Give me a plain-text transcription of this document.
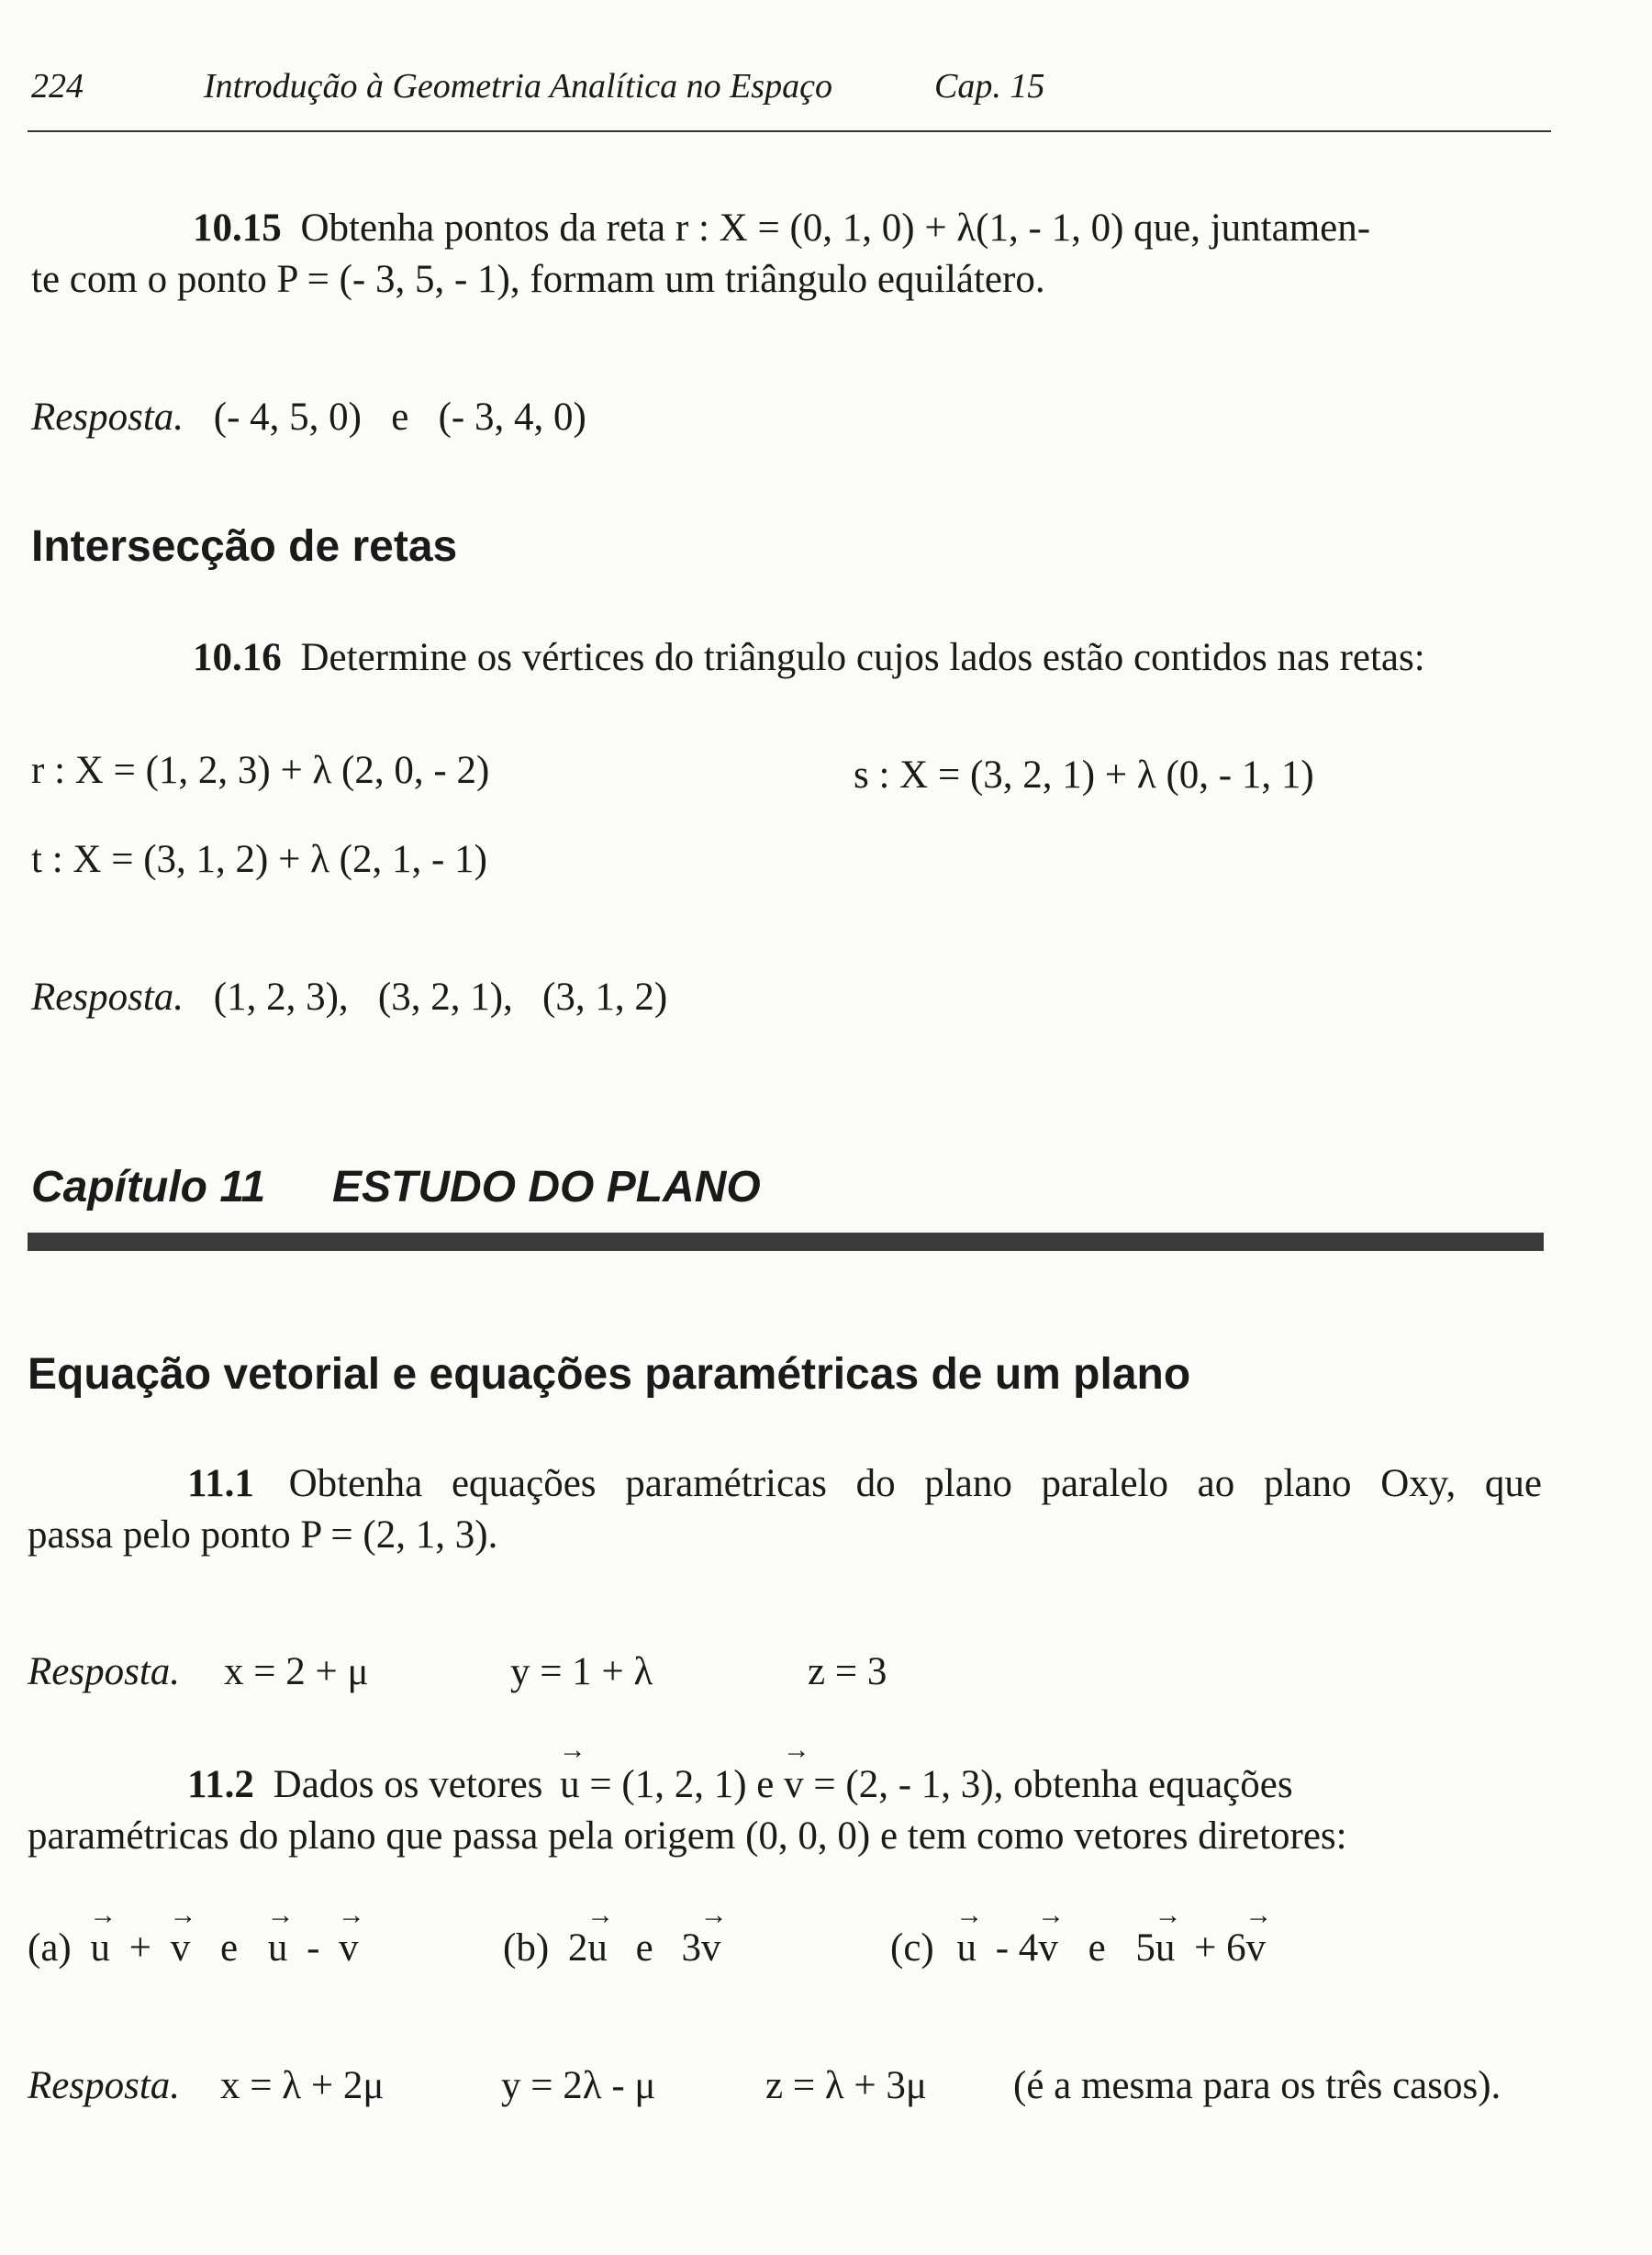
224	Introdução à Geometria Analítica no Espaço	Cap. 15
10.15 Obtenha pontos da reta r : X = (0, 1, 0) + λ(1, - 1, 0) que, juntamen-
te com o ponto P = (- 3, 5, - 1), formam um triângulo equilátero.
Resposta. (- 4, 5, 0)   e   (- 3, 4, 0)
Intersecção de retas
10.16 Determine os vértices do triângulo cujos lados estão contidos nas retas:
r : X = (1, 2, 3) + λ (2, 0, - 2)	s : X = (3, 2, 1) + λ (0, - 1, 1)
t : X = (3, 1, 2) + λ (2, 1, - 1)
Resposta. (1, 2, 3),   (3, 2, 1),   (3, 1, 2)
Capítulo 11 ESTUDO DO PLANO
Equação vetorial e equações paramétricas de um plano
11.1 Obtenha equações paramétricas do plano paralelo ao plano Oxy, que
passa pelo ponto P = (2, 1, 3).
Resposta. x = 2 + μ	y = 1 + λ	z = 3
11.2 Dados os vetores → u = (1, 2, 1) e → v = (2, - 1, 3), obtenha equações
paramétricas do plano que passa pela origem (0, 0, 0) e tem como vetores diretores:
(a) → u + → v e → u - → v	(b) 2→ u e 3→ v	(c) → u - 4→ v e 5→ u + 6→ v
Resposta. x = λ + 2μ	y = 2λ - μ	z = λ + 3μ (é a mesma para os três casos).
